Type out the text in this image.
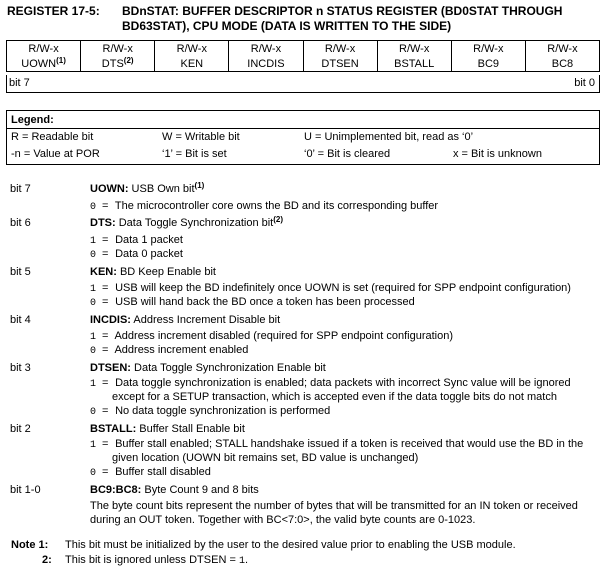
REGISTER 17-5: BDnSTAT: BUFFER DESCRIPTOR n STATUS REGISTER (BD0STAT THROUGH
BD63STAT), CPU MODE (DATA IS WRITTEN TO THE SIDE)
R/W-x	R/W-x	R/W-x	R/W-x	R/W-x	R/W-x	R/W-x	R/W-x
UOWN$^{(1)}$	DTS$^{(2)}$	KEN	INCDIS	DTSEN	BSTALL	BC9	BC8
bit 7	bit 0
Legend:
R = Readable bit	W = Writable bit	U = Unimplemented bit, read as ‘0’
-n = Value at POR	‘1’ = Bit is set	‘0’ = Bit is cleared	x = Bit is unknown
bit 7	UOWN: USB Own bit$^{(1)}$
0 = The microcontroller core owns the BD and its corresponding buffer
bit 6	DTS: Data Toggle Synchronization bit$^{(2)}$
1 = Data 1 packet
0 = Data 0 packet
bit 5	KEN: BD Keep Enable bit
1 = USB will keep the BD indefinitely once UOWN is set (required for SPP endpoint configuration)
0 = USB will hand back the BD once a token has been processed
bit 4	INCDIS: Address Increment Disable bit
1 = Address increment disabled (required for SPP endpoint configuration)
0 = Address increment enabled
bit 3	DTSEN: Data Toggle Synchronization Enable bit
1 = Data toggle synchronization is enabled; data packets with incorrect Sync value will be ignored
except for a SETUP transaction, which is accepted even if the data toggle bits do not match
0 = No data toggle synchronization is performed
bit 2	BSTALL: Buffer Stall Enable bit
1 = Buffer stall enabled; STALL handshake issued if a token is received that would use the BD in the
given location (UOWN bit remains set, BD value is unchanged)
0 = Buffer stall disabled
bit 1-0	BC9:BC8: Byte Count 9 and 8 bits
The byte count bits represent the number of bytes that will be transmitted for an IN token or received
during an OUT token. Together with BC<7:0>, the valid byte counts are 0-1023.
Note 1: This bit must be initialized by the user to the desired value prior to enabling the USB module.
2: This bit is ignored unless DTSEN = 1.
